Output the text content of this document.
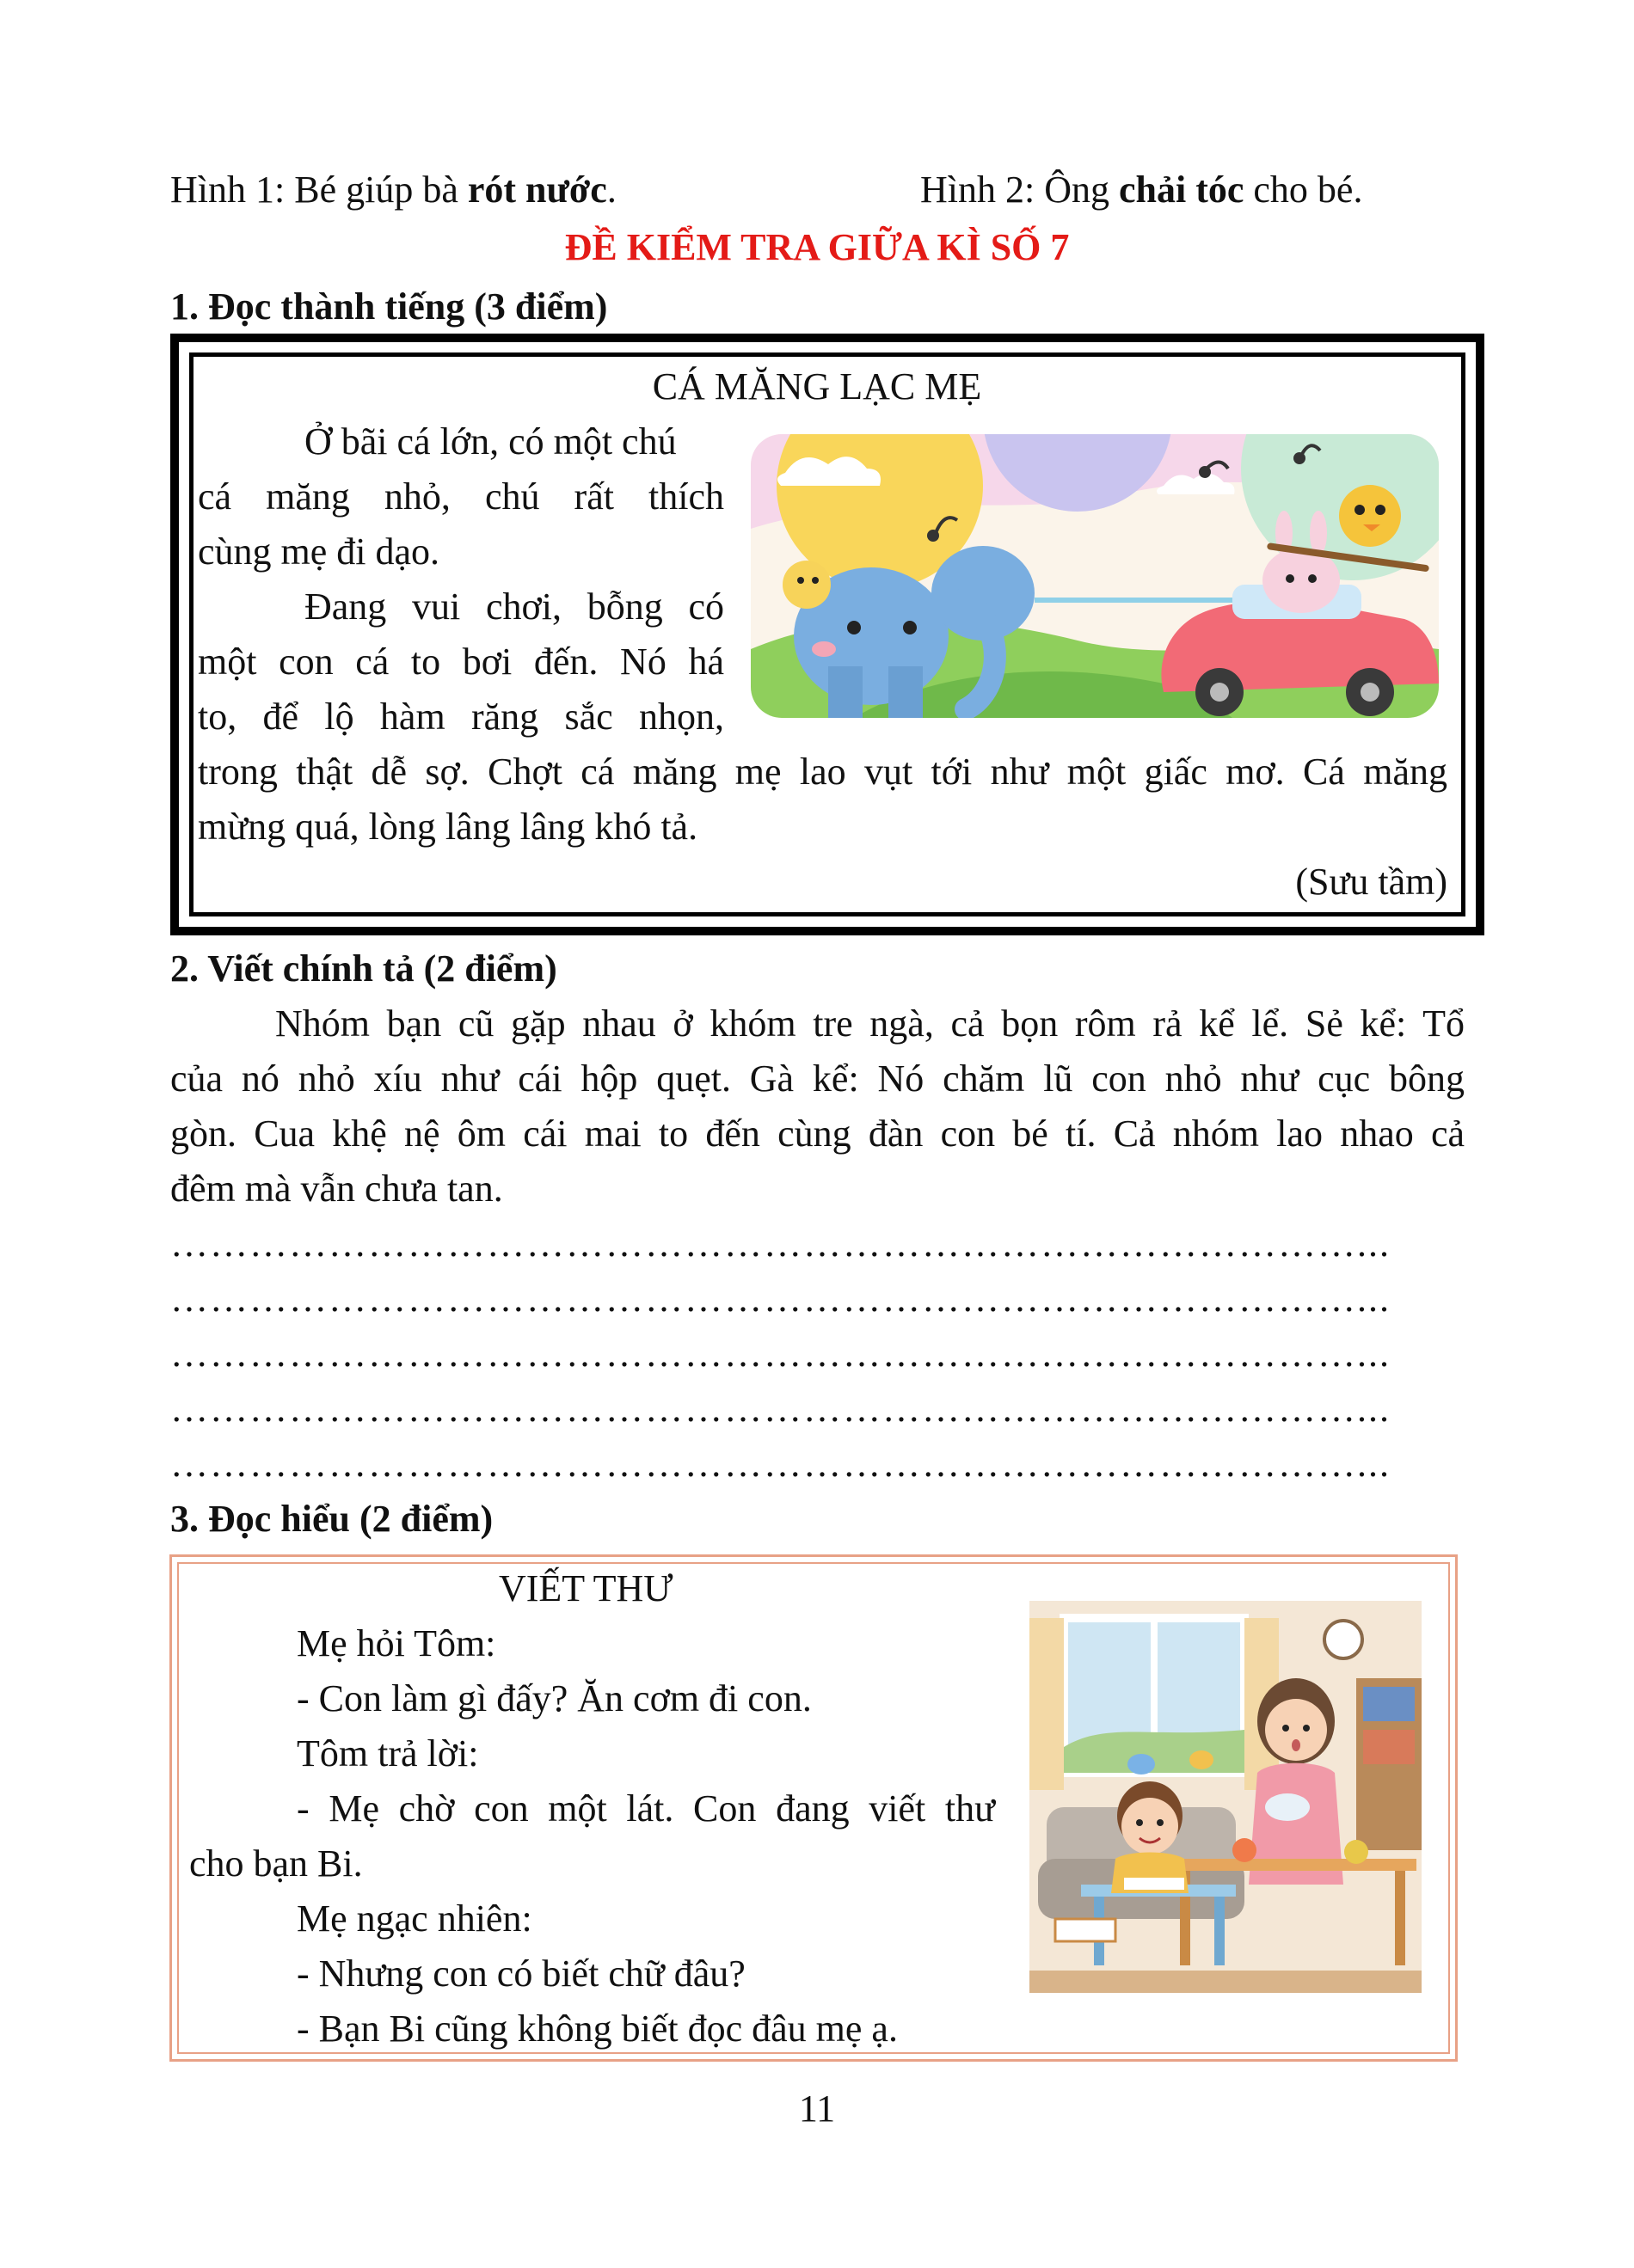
Hình 1: Bé giúp bà rót nước.	Hình 2: Ông chải tóc cho bé.
ĐỀ KIỂM TRA GIỮA KÌ SỐ 7
1. Đọc thành tiếng (3 điểm)
CÁ MĂNG LẠC MẸ
Ở bãi cá lớn, có một chú
cá măng nhỏ, chú rất thích
cùng mẹ đi dạo.
Đang vui chơi, bỗng có
một con cá to bơi đến. Nó há
to, để lộ hàm răng sắc nhọn,
trong thật dễ sợ. Chợt cá măng mẹ lao vụt tới như một giấc mơ. Cá măng
mừng quá, lòng lâng lâng khó tả.
(Sưu tầm)
2. Viết chính tả (2 điểm)
Nhóm bạn cũ gặp nhau ở khóm tre ngà, cả bọn rôm rả kể lể. Sẻ kể: Tổ
của nó nhỏ xíu như cái hộp quẹt. Gà kể: Nó chăm lũ con nhỏ như cục bông
gòn. Cua khệ nệ ôm cái mai to đến cùng đàn con bé tí. Cả nhóm lao nhao cả
đêm mà vẫn chưa tan.
………………………………………………………………………………...
………………………………………………………………………………...
………………………………………………………………………………...
………………………………………………………………………………...
………………………………………………………………………………...
3. Đọc hiểu (2 điểm)
VIẾT THƯ
Mẹ hỏi Tôm:
- Con làm gì đấy? Ăn cơm đi con.
Tôm trả lời:
- Mẹ chờ con một lát. Con đang viết thư
cho bạn Bi.
Mẹ ngạc nhiên:
- Nhưng con có biết chữ đâu?
- Bạn Bi cũng không biết đọc đâu mẹ ạ.
11
